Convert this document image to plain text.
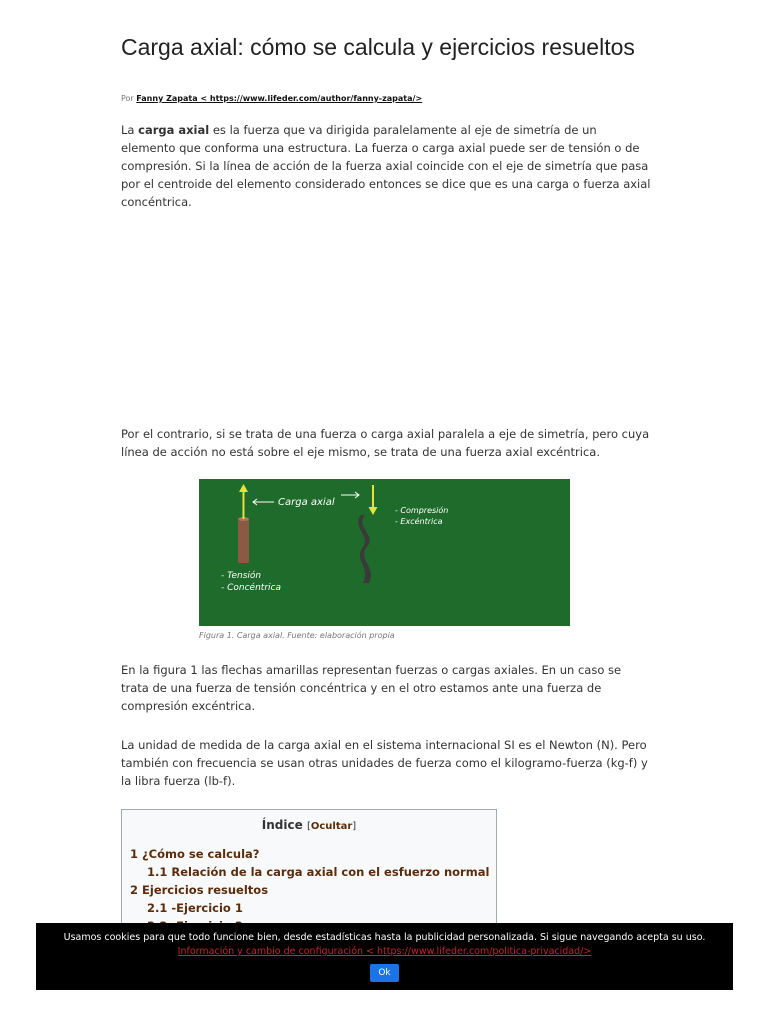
Carga axial: cómo se calcula y ejercicios resueltos
Por Fanny Zapata < https://www.lifeder.com/author/fanny-zapata/>

La carga axial es la fuerza que va dirigida paralelamente al eje de simetría de un elemento que conforma una estructura. La fuerza o carga axial puede ser de tensión o de compresión. Si la línea de acción de la fuerza axial coincide con el eje de simetría que pasa por el centroide del elemento considerado entonces se dice que es una carga o fuerza axial concéntrica.

Por el contrario, si se trata de una fuerza o carga axial paralela a eje de simetría, pero cuya línea de acción no está sobre el eje mismo, se trata de una fuerza axial excéntrica.

Carga axial
- Compresión
- Excéntrica
- Tensión
- Concéntrica
Figura 1. Carga axial. Fuente: elaboración propia

En la figura 1 las flechas amarillas representan fuerzas o cargas axiales. En un caso se trata de una fuerza de tensión concéntrica y en el otro estamos ante una fuerza de compresión excéntrica.

La unidad de medida de la carga axial en el sistema internacional SI es el Newton (N). Pero también con frecuencia se usan otras unidades de fuerza como el kilogramo-fuerza (kg-f) y la libra fuerza (lb-f).

Índice [Ocultar]
1 ¿Cómo se calcula?
1.1 Relación de la carga axial con el esfuerzo normal
2 Ejercicios resueltos
2.1 -Ejercicio 1
Usamos cookies para que todo funcione bien, desde estadísticas hasta la publicidad personalizada. Si sigue navegando acepta su uso.
Información y cambio de configuración < https://www.lifeder.com/politica-privacidad/>
Ok
